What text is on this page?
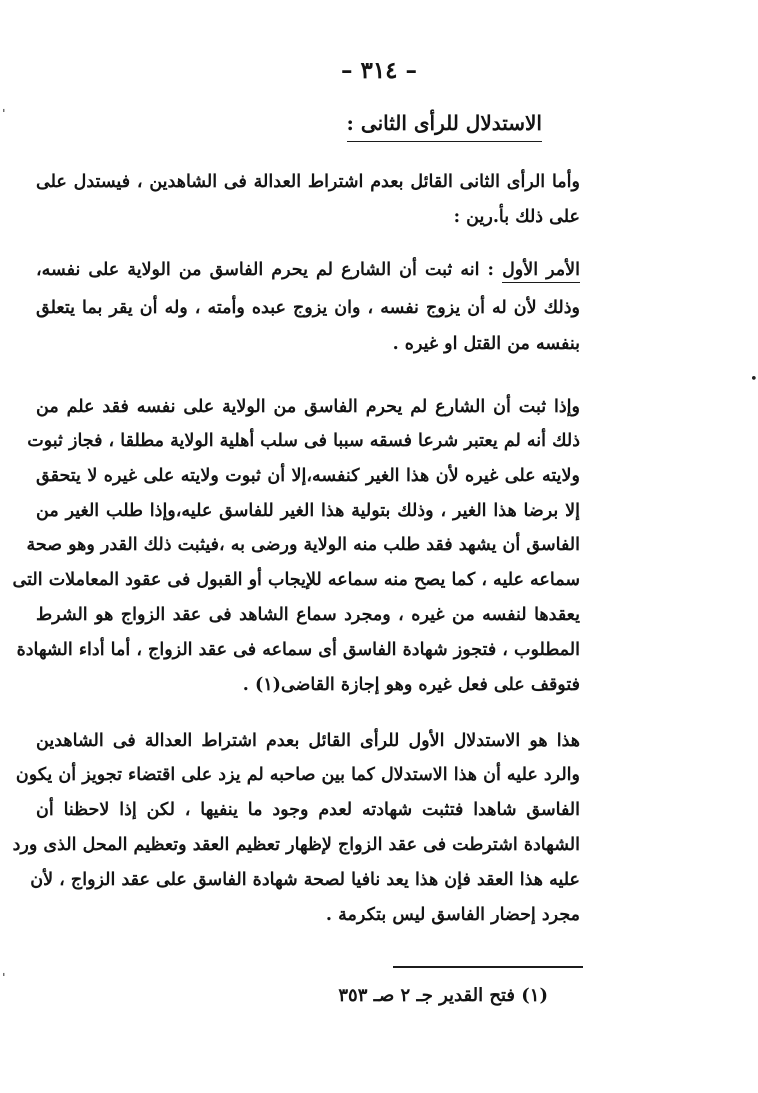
– ٣١٤ –
الاستدلال للرأى الثانى :
وأما الرأى الثانى القائل بعدم اشتراط العدالة فى الشاهدين ، فيستدل على
على ذلك بأ.رين :
الأمر الأول : انه ثبت أن الشارع لم يحرم الفاسق من الولاية على نفسه،
وذلك لأن له أن يزوج نفسه ، وان يزوج عبده وأمته ، وله أن يقر بما يتعلق
بنفسه من القتل او غيره .
وإذا ثبت أن الشارع لم يحرم الفاسق من الولاية على نفسه فقد علم من
ذلك أنه لم يعتبر شرعا فسقه سببا فى سلب أهلية الولاية مطلقا ، فجاز ثبوت
ولايته على غيره لأن هذا الغير كنفسه،إلا أن ثبوت ولايته على غيره لا يتحقق
إلا برضا هذا الغير ، وذلك بتولية هذا الغير للفاسق عليه،وإذا طلب الغير من
الفاسق أن يشهد فقد طلب منه الولاية ورضى به ،فيثبت ذلك القدر وهو صحة
سماعه عليه ، كما يصح منه سماعه للإيجاب أو القبول فى عقود المعاملات التى
يعقدها لنفسه من غيره ، ومجرد سماع الشاهد فى عقد الزواج هو الشرط
المطلوب ، فتجوز شهادة الفاسق أى سماعه فى عقد الزواج ، أما أداء الشهادة
فتوقف على فعل غيره وهو إجازة القاضى(١) .
هذا هو الاستدلال الأول للرأى القائل بعدم اشتراط العدالة فى الشاهدين
والرد عليه أن هذا الاستدلال كما بين صاحبه لم يزد على اقتضاء تجويز أن يكون
الفاسق شاهدا فتثبت شهادته لعدم وجود ما ينفيها ، لكن إذا لاحظنا أن
الشهادة اشترطت فى عقد الزواج لإظهار تعظيم العقد وتعظيم المحل الذى ورد
عليه هذا العقد فإن هذا يعد نافيا لصحة شهادة الفاسق على عقد الزواج ، لأن
مجرد إحضار الفاسق ليس بتكرمة .
(١) فتح القدير جـ ٢ صـ ٣٥٣
ˈ
•
ˈ
